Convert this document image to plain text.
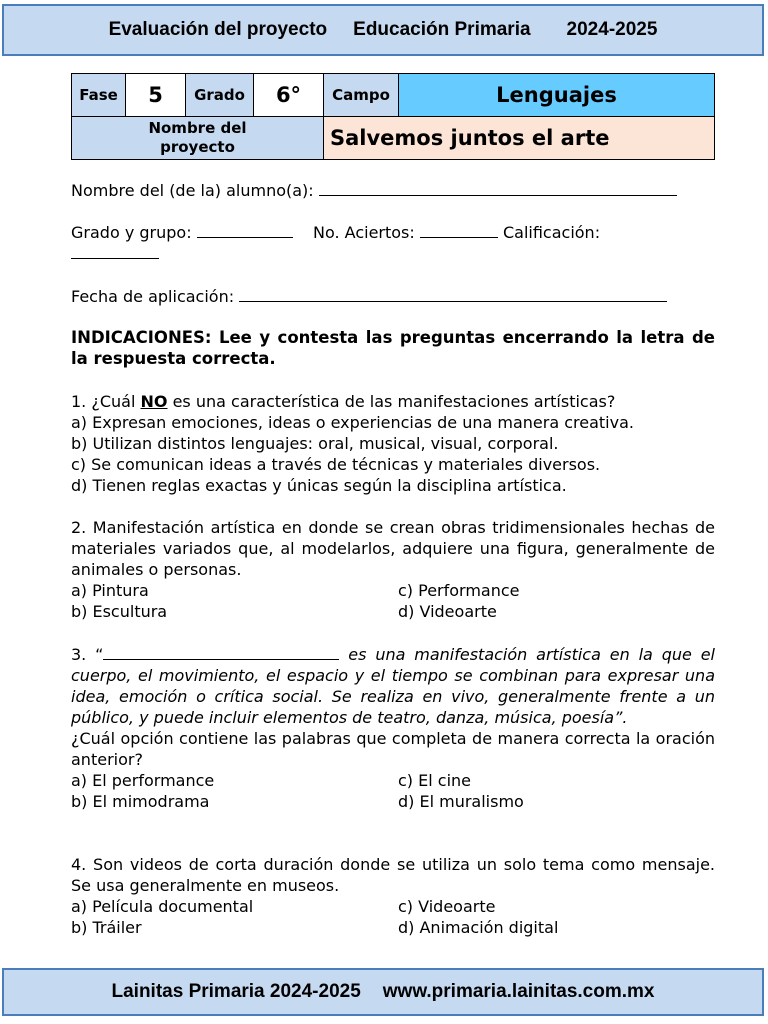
Evaluación del proyecto Educación Primaria 2024-2025
Fase	5	Grado	6°	Campo	Lenguajes
Nombre del proyecto				Salvemos juntos el arte	
Nombre del (de la) alumno(a):
Grado y grupo:	No. Aciertos:	Calificación:

Fecha de aplicación:
INDICACIONES: Lee y contesta las preguntas encerrando la letra de la respuesta correcta.

1. ¿Cuál NO es una característica de las manifestaciones artísticas?

a) Expresan emociones, ideas o experiencias de una manera creativa.

b) Utilizan distintos lenguajes: oral, musical, visual, corporal.

c) Se comunican ideas a través de técnicas y materiales diversos.

d) Tienen reglas exactas y únicas según la disciplina artística.

2. Manifestación artística en donde se crean obras tridimensionales hechas de materiales variados que, al modelarlos, adquiere una figura, generalmente de animales o personas.

a) Pintura	c) Performance
b) Escultura	d) Videoarte

3. “	es una manifestación artística en la que el cuerpo, el movimiento, el espacio y el tiempo se combinan para expresar una idea, emoción o crítica social. Se realiza en vivo, generalmente frente a un público, y puede incluir elementos de teatro, danza, música, poesía”.

¿Cuál opción contiene las palabras que completa de manera correcta la oración anterior?

a) El performance	c) El cine
b) El mimodrama	d) El muralismo

4. Son videos de corta duración donde se utiliza un solo tema como mensaje. Se usa generalmente en museos.

a) Película documental	c) Videoarte
b) Tráiler	d) Animación digital
Lainitas Primaria 2024-2025 www.primaria.lainitas.com.mx
